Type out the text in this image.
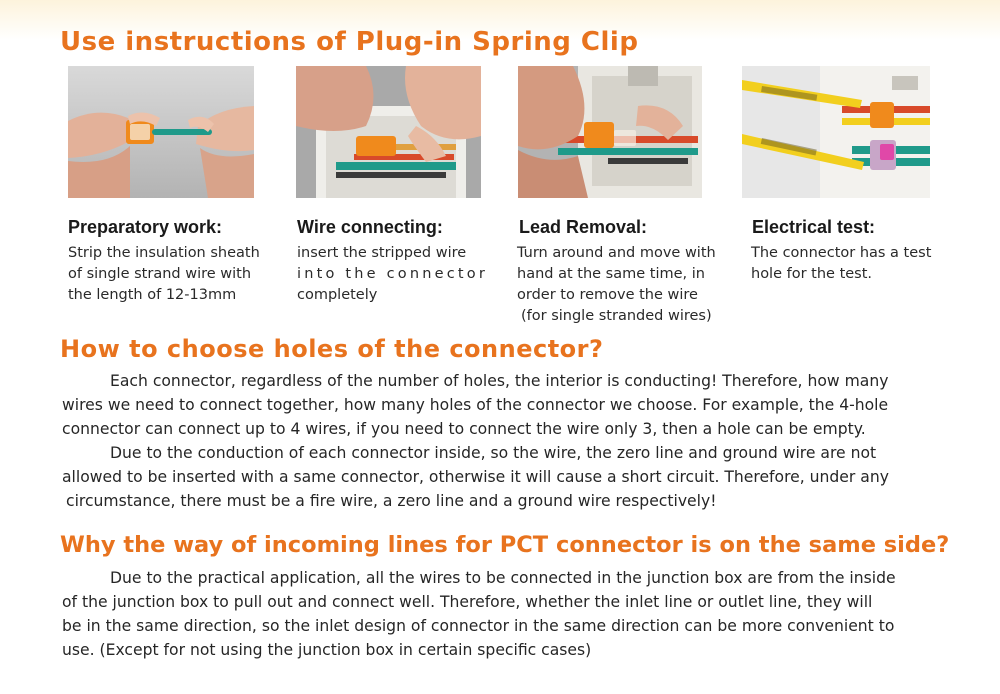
Use instructions of Plug-in Spring Clip
Preparatory work:
Strip the insulation sheath
of single strand wire with
the length of 12-13mm
Wire connecting:
insert the stripped wire
into the connector
completely
Lead Removal:
Turn around and move with
hand at the same time, in
order to remove the wire
(for single stranded wires)
Electrical test:
The connector has a test
hole for the test.
How to choose holes of the connector?
Each connector, regardless of the number of holes, the interior is conducting! Therefore, how many
wires we need to connect together, how many holes of the connector we choose. For example, the 4-hole
connector can connect up to 4 wires, if you need to connect the wire only 3, then a hole can be empty.
Due to the conduction of each connector inside, so the wire, the zero line and ground wire are not
allowed to be inserted with a same connector, otherwise it will cause a short circuit. Therefore, under any
circumstance, there must be a fire wire, a zero line and a ground wire respectively!
Why the way of incoming lines for PCT connector is on the same side?
Due to the practical application, all the wires to be connected in the junction box are from the inside
of the junction box to pull out and connect well. Therefore, whether the inlet line or outlet line, they will
be in the same direction, so the inlet design of connector in the same direction can be more convenient to
use. (Except for not using the junction box in certain specific cases)
